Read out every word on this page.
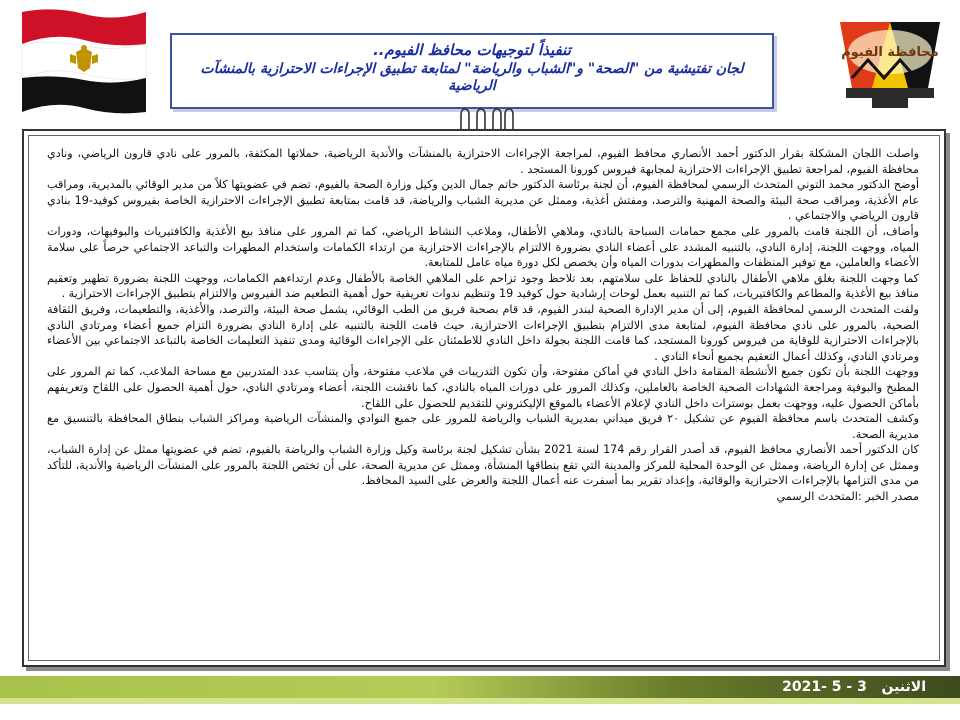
محافظة الفيوم
تنفيذاً لتوجيهات محافظ الفيوم..
لجان تفتيشية من "الصحة" و"الشباب والرياضة" لمتابعة تطبيق الإجراءات الاحترازية بالمنشآت الرياضية

واصلت اللجان المشكلة بقرار الدكتور أحمد الأنصاري محافظ الفيوم، لمراجعة الإجراءات الاحترازية بالمنشآت والأندية الرياضية، حملاتها المكثفة، بالمرور على نادي قارون الرياضي، ونادي محافظة الفيوم، لمراجعة تطبيق الإجراءات الاحترازية لمجابهة فيروس كورونا المستجد .

أوضح الدكتور محمد التوني المتحدث الرسمي لمحافظة الفيوم، أن لجنة برئاسة الدكتور حاتم جمال الدين وكيل وزارة الصحة بالفيوم، تضم في عضويتها كلاً من مدير الوقائي بالمديرية، ومراقب عام الأغذية، ومراقب صحة البيئة والصحة المهنية والترصد، ومفتش أغذية، وممثل عن مديرية الشباب والرياضة، قد قامت بمتابعة تطبيق الإجراءات الاحترازية الخاصة بفيروس كوفيد-19 بنادي قارون الرياضي والاجتماعي .

وأضاف، أن اللجنة قامت بالمرور على مجمع حمامات السباحة بالنادي، وملاهي الأطفال، وملاعب النشاط الرياضي، كما تم المرور على منافذ بيع الأغذية والكافتيريات والبوفيهات، ودورات المياه، ووجهت اللجنة، إدارة النادي، بالتنبيه المشدد على أعضاء النادي بضرورة الالتزام بالإجراءات الاحترازية من ارتداء الكمامات واستخدام المطهرات والتباعد الاجتماعي حرصاً على سلامة الأعضاء والعاملين، مع توفير المنظفات والمطهرات بدورات المياه وأن يخصص لكل دورة مياه عامل للمتابعة.

كما وجهت اللجنة بغلق ملاهي الأطفال بالنادي للحفاظ على سلامتهم، بعد تلاحظ وجود تزاحم على الملاهي الخاصة بالأطفال وعدم ارتداءهم الكمامات، ووجهت اللجنة بضرورة تطهير وتعقيم منافذ بيع الأغذية والمطاعم والكافتيريات، كما تم التنبيه بعمل لوحات إرشادية حول كوفيد 19 وتنظيم ندوات تعريفية حول أهمية التطعيم ضد الفيروس والالتزام بتطبيق الإجراءات الاحترازية .

ولفت المتحدث الرسمي لمحافظة الفيوم، إلى أن مدير الإدارة الصحية لبندر الفيوم، قد قام بصحبة فريق من الطب الوقائي، يشمل صحة البيئة، والترصد، والأغذية، والتطعيمات، وفريق الثقافة الصحية، بالمرور على نادي محافظة الفيوم، لمتابعة مدى الالتزام بتطبيق الإجراءات الاحترازية، حيث قامت اللجنة بالتنبيه على إدارة النادي بضرورة التزام جميع أعضاء ومرتادي النادي بالإجراءات الاحترازية للوقاية من فيروس كورونا المستجد، كما قامت اللجنة بجولة داخل النادي للاطمئنان على الإجراءات الوقائية ومدى تنفيذ التعليمات الخاصة بالتباعد الاجتماعي بين الأعضاء ومرتادي النادي، وكذلك أعمال التعقيم بجميع أنحاء النادي .

ووجهت اللجنة بأن تكون جميع الأنشطة المقامة داخل النادي في أماكن مفتوحة، وأن تكون التدريبات في ملاعب مفتوحة، وأن يتناسب عدد المتدربين مع مساحة الملاعب، كما تم المرور على المطبخ والبوفية ومراجعة الشهادات الصحية الخاصة بالعاملين، وكذلك المرور على دورات المياه بالنادي، كما ناقشت اللجنة، أعضاء ومرتادي النادي، حول أهمية الحصول على اللقاح وتعريفهم بأماكن الحصول عليه، ووجهت بعمل بوسترات داخل النادي لإعلام الأعضاء بالموقع الإليكتروني للتقديم للحصول على اللقاح.

وكشف المتحدث باسم محافظة الفيوم عن تشكيل ٢٠ فريق ميداني بمديرية الشباب والرياضة للمرور على جميع النوادي والمنشآت الرياضية ومراكز الشباب بنطاق المحافظة بالتنسيق مع مديرية الصحة.

كان الدكتور أحمد الأنصاري محافظ الفيوم، قد أصدر القرار رقم 174 لسنة 2021 بشأن تشكيل لجنة برئاسة وكيل وزارة الشباب والرياضة بالفيوم، تضم في عضويتها ممثل عن إدارة الشباب، وممثل عن إدارة الرياضة، وممثل عن الوحدة المحلية للمركز والمدينة التي تقع بنطاقها المنشأة، وممثل عن مديرية الصحة، على أن تختص اللجنة بالمرور على المنشآت الرياضية والأندية، للتأكد من مدى التزامها بالإجراءات الاحترازية والوقائية، وإعداد تقرير بما أسفرت عنه أعمال اللجنة والعرض على السيد المحافظ.

مصدر الخبر :المتحدث الرسمي

الاثنين   3 - 5 -2021
